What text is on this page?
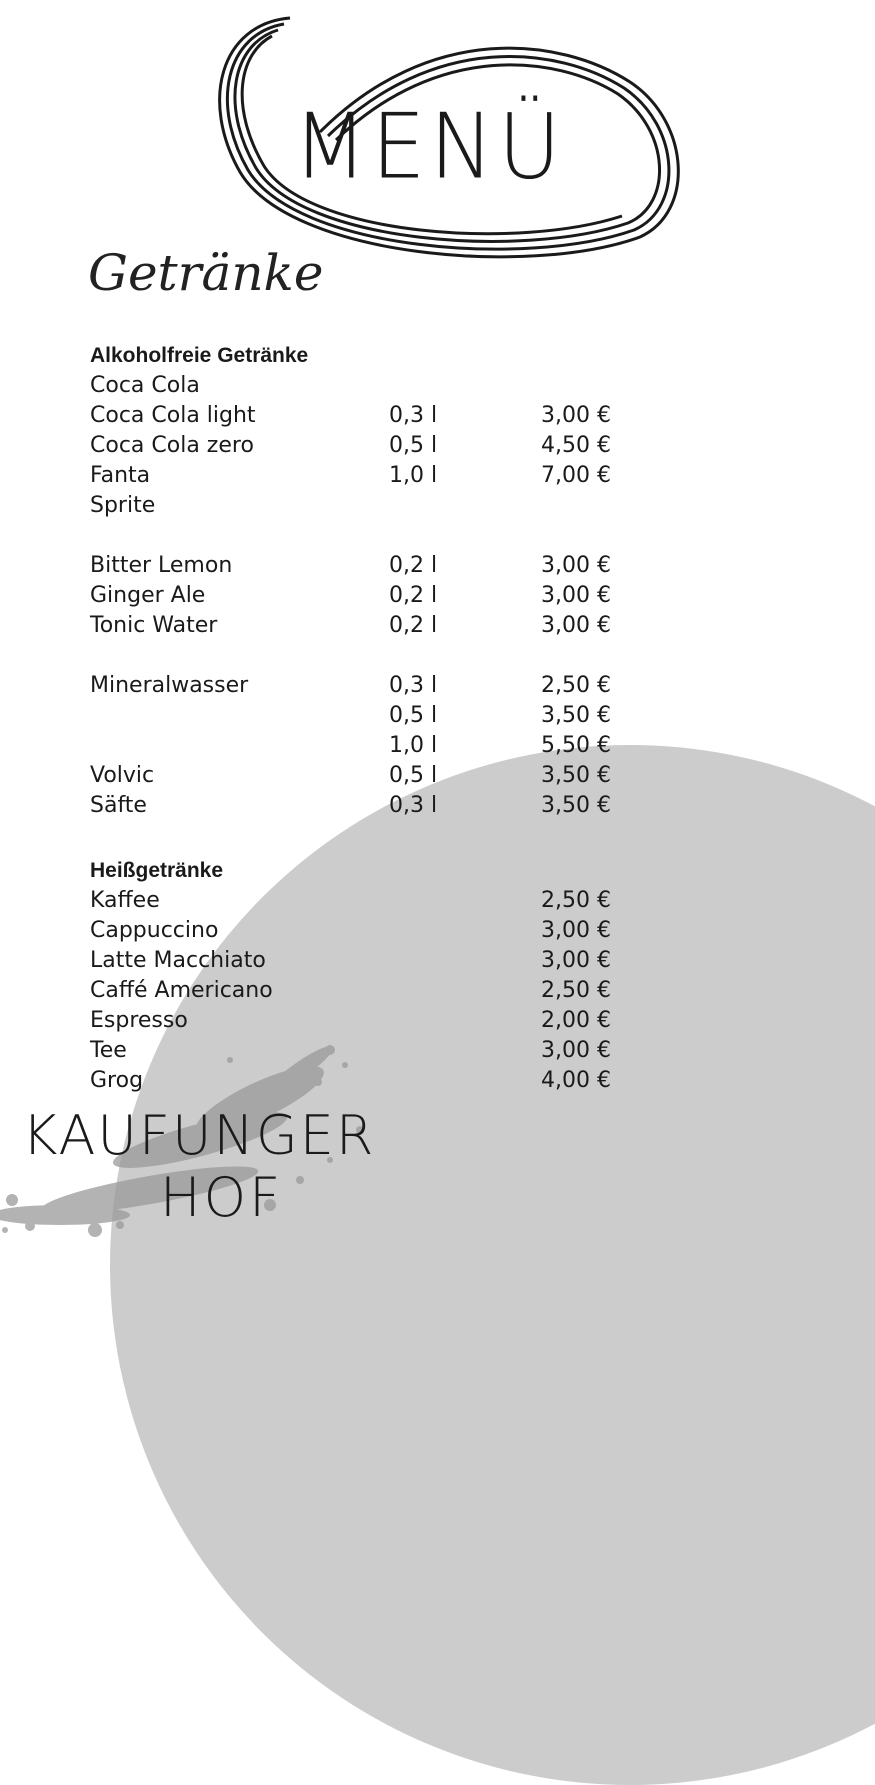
MENÜ
Getränke
Alkoholfreie Getränke
Coca Cola
Coca Cola light	0,3 l	3,00 €
Coca Cola zero	0,5 l	4,50 €
Fanta	1,0 l	7,00 €
Sprite
Bitter Lemon	0,2 l	3,00 €
Ginger Ale	0,2 l	3,00 €
Tonic Water	0,2 l	3,00 €
Mineralwasser	0,3 l	2,50 €
0,5 l	3,50 €
1,0 l	5,50 €
Volvic	0,5 l	3,50 €
Säfte	0,3 l	3,50 €
Heißgetränke
Kaffee	2,50 €
Cappuccino	3,00 €
Latte Macchiato	3,00 €
Caffé Americano	2,50 €
Espresso	2,00 €
Tee	3,00 €
Grog	4,00 €
KAUFUNGER
HOF
